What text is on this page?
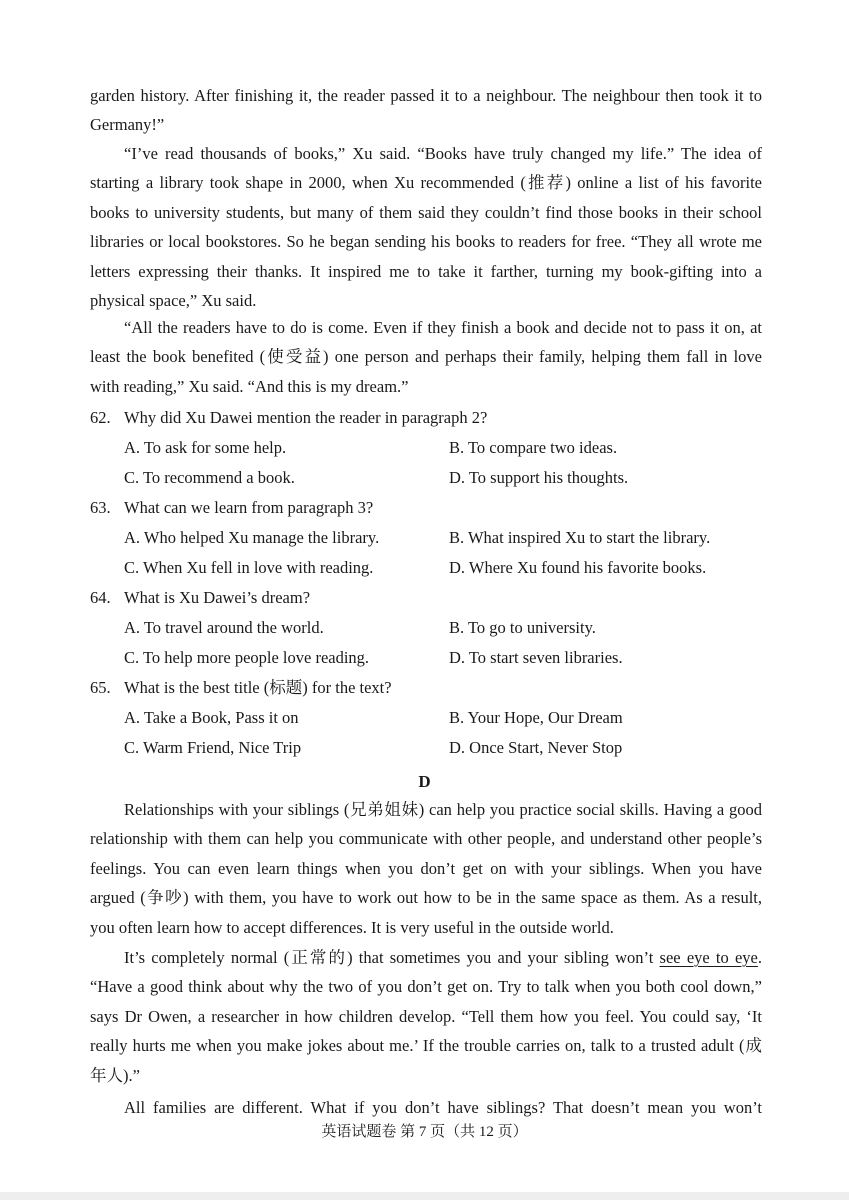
garden history. After finishing it, the reader passed it to a neighbour. The neighbour then took it to
Germany!”
“I’ve read thousands of books,” Xu said. “Books have truly changed my life.” The idea of
starting a library took shape in 2000, when Xu recommended (推荐) online a list of his favorite
books to university students, but many of them said they couldn’t find those books in their school
libraries or local bookstores. So he began sending his books to readers for free. “They all wrote me
letters expressing their thanks. It inspired me to take it farther, turning my book-gifting into a
physical space,” Xu said.
“All the readers have to do is come. Even if they finish a book and decide not to pass it on, at
least the book benefited (使受益) one person and perhaps their family, helping them fall in love
with reading,” Xu said. “And this is my dream.”
62. Why did Xu Dawei mention the reader in paragraph 2?
A. To ask for some help.	B. To compare two ideas.
C. To recommend a book.	D. To support his thoughts.
63. What can we learn from paragraph 3?
A. Who helped Xu manage the library.	B. What inspired Xu to start the library.
C. When Xu fell in love with reading.	D. Where Xu found his favorite books.
64. What is Xu Dawei’s dream?
A. To travel around the world.	B. To go to university.
C. To help more people love reading.	D. To start seven libraries.
65. What is the best title (标题) for the text?
A. Take a Book, Pass it on	B. Your Hope, Our Dream
C. Warm Friend, Nice Trip	D. Once Start, Never Stop
D
Relationships with your siblings (兄弟姐妹) can help you practice social skills. Having a good
relationship with them can help you communicate with other people, and understand other people’s
feelings. You can even learn things when you don’t get on with your siblings. When you have
argued (争吵) with them, you have to work out how to be in the same space as them. As a result,
you often learn how to accept differences. It is very useful in the outside world.
It’s completely normal (正常的) that sometimes you and your sibling won’t see eye to eye.
“Have a good think about why the two of you don’t get on. Try to talk when you both cool down,”
says Dr Owen, a researcher in how children develop. “Tell them how you feel. You could say, ‘It
really hurts me when you make jokes about me.’ If the trouble carries on, talk to a trusted adult (成
年人).”
All families are different. What if you don’t have siblings? That doesn’t mean you won’t
英语试题卷 第 7 页（共 12 页）
